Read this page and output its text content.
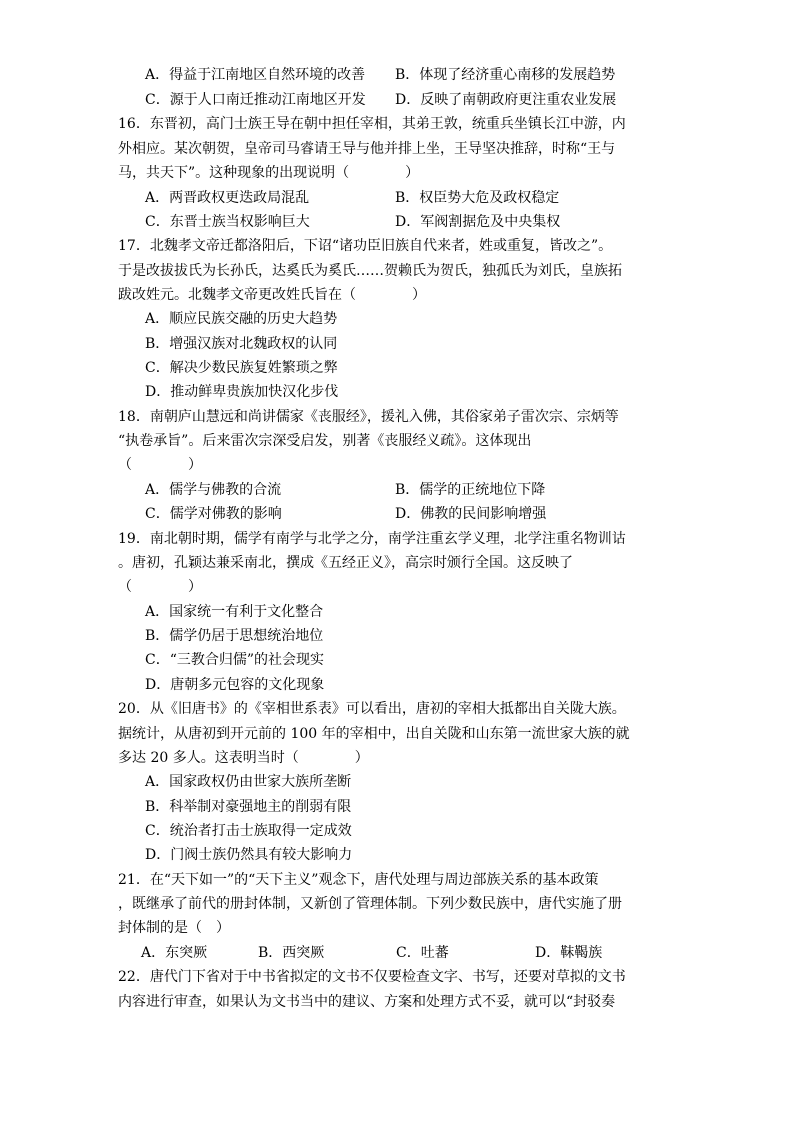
A．得益于江南地区自然环境的改善 B．体现了经济重心南移的发展趋势
C．源于人口南迁推动江南地区开发 D．反映了南朝政府更注重农业发展
16．东晋初，高门士族王导在朝中担任宰相，其弟王敦，统重兵坐镇长江中游，内
外相应。某次朝贺，皇帝司马睿请王导与他并排上坐，王导坚决推辞，时称“王与
马，共天下”。这种现象的出现说明（　　　　）
A．两晋政权更迭政局混乱	B．权臣势大危及政权稳定
C．东晋士族当权影响巨大	D．军阀割据危及中央集权
17．北魏孝文帝迁都洛阳后，下诏“诸功臣旧族自代来者，姓或重复，皆改之”。
于是改拔拔氏为长孙氏，达奚氏为奚氏……贺赖氏为贺氏，独孤氏为刘氏，皇族拓
跋改姓元。北魏孝文帝更改姓氏旨在（　　　　）
A．顺应民族交融的历史大趋势
B．增强汉族对北魏政权的认同
C．解决少数民族复姓繁琐之弊
D．推动鲜卑贵族加快汉化步伐
18．南朝庐山慧远和尚讲儒家《丧服经》，援礼入佛，其俗家弟子雷次宗、宗炳等
“执卷承旨”。后来雷次宗深受启发，别著《丧服经义疏》。这体现出
（　　　　）
A．儒学与佛教的合流	B．儒学的正统地位下降
C．儒学对佛教的影响	D．佛教的民间影响增强
19．南北朝时期，儒学有南学与北学之分，南学注重玄学义理，北学注重名物训诂
。唐初，孔颖达兼采南北，撰成《五经正义》，高宗时颁行全国。这反映了
（　　　　）
A．国家统一有利于文化整合
B．儒学仍居于思想统治地位
C．“三教合归儒”的社会现实
D．唐朝多元包容的文化现象
20．从《旧唐书》的《宰相世系表》可以看出，唐初的宰相大抵都出自关陇大族。
据统计，从唐初到开元前的 100 年的宰相中，出自关陇和山东第一流世家大族的就
多达 20 多人。这表明当时（　　　　）
A．国家政权仍由世家大族所垄断
B．科举制对豪强地主的削弱有限
C．统治者打击士族取得一定成效
D．门阀士族仍然具有较大影响力
21．在“天下如一”的“天下主义”观念下，唐代处理与周边部族关系的基本政策
，既继承了前代的册封体制，又新创了管理体制。下列少数民族中，唐代实施了册
封体制的是（　）
A．东突厥	B．西突厥	C．吐蕃	D．靺鞨族
22．唐代门下省对于中书省拟定的文书不仅要检查文字、书写，还要对草拟的文书
内容进行审查，如果认为文书当中的建议、方案和处理方式不妥，就可以“封驳奏
